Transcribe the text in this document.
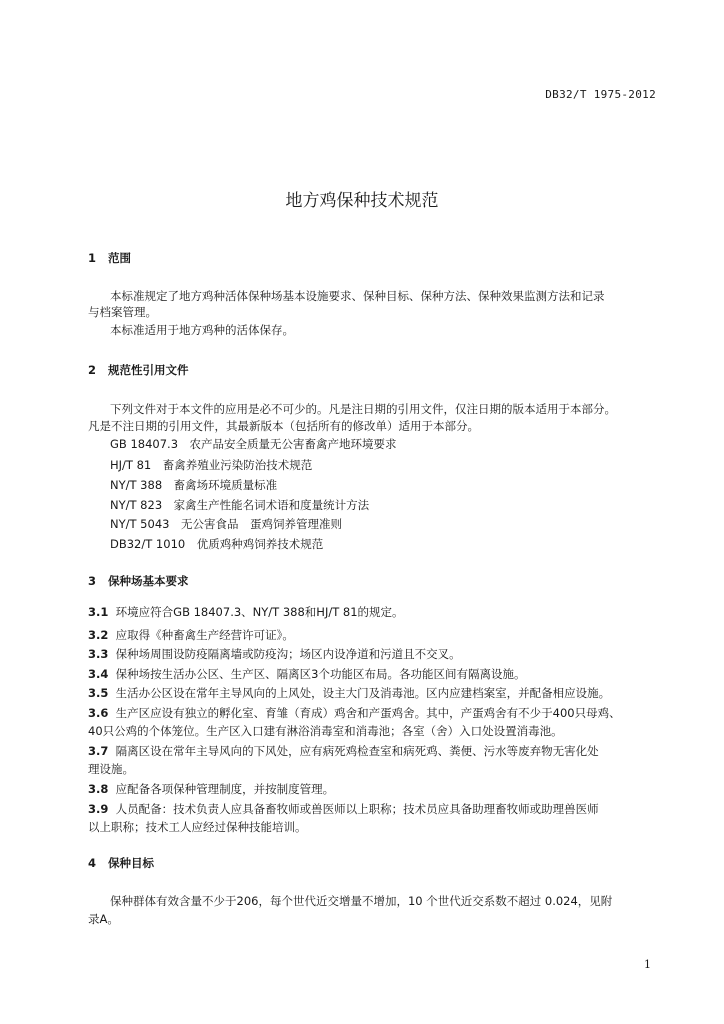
DB32/T 1975-2012
地方鸡保种技术规范
1 范围
本标准规定了地方鸡种活体保种场基本设施要求、保种目标、保种方法、保种效果监测方法和记录
与档案管理。
本标准适用于地方鸡种的活体保存。
2 规范性引用文件
下列文件对于本文件的应用是必不可少的。凡是注日期的引用文件，仅注日期的版本适用于本部分。
凡是不注日期的引用文件，其最新版本（包括所有的修改单）适用于本部分。
GB 18407.3　农产品安全质量无公害畜禽产地环境要求
HJ/T 81　畜禽养殖业污染防治技术规范
NY/T 388　畜禽场环境质量标准
NY/T 823　家禽生产性能名词术语和度量统计方法
NY/T 5043　无公害食品　蛋鸡饲养管理准则
DB32/T 1010　优质鸡种鸡饲养技术规范
3 保种场基本要求
3.1 环境应符合GB 18407.3、NY/T 388和HJ/T 81的规定。
3.2 应取得《种畜禽生产经营许可证》。
3.3 保种场周围设防疫隔离墙或防疫沟；场区内设净道和污道且不交叉。
3.4 保种场按生活办公区、生产区、隔离区3个功能区布局。各功能区间有隔离设施。
3.5 生活办公区设在常年主导风向的上风处，设主大门及消毒池。区内应建档案室，并配备相应设施。
3.6 生产区应设有独立的孵化室、育雏（育成）鸡舍和产蛋鸡舍。其中，产蛋鸡舍有不少于400只母鸡、
40只公鸡的个体笼位。生产区入口建有淋浴消毒室和消毒池；各室（舍）入口处设置消毒池。
3.7 隔离区设在常年主导风向的下风处，应有病死鸡检查室和病死鸡、粪便、污水等废弃物无害化处
理设施。
3.8 应配备各项保种管理制度，并按制度管理。
3.9 人员配备：技术负责人应具备畜牧师或兽医师以上职称；技术员应具备助理畜牧师或助理兽医师
以上职称；技术工人应经过保种技能培训。
4 保种目标
保种群体有效含量不少于206，每个世代近交增量不增加，10 个世代近交系数不超过 0.024，见附
录A。
1
